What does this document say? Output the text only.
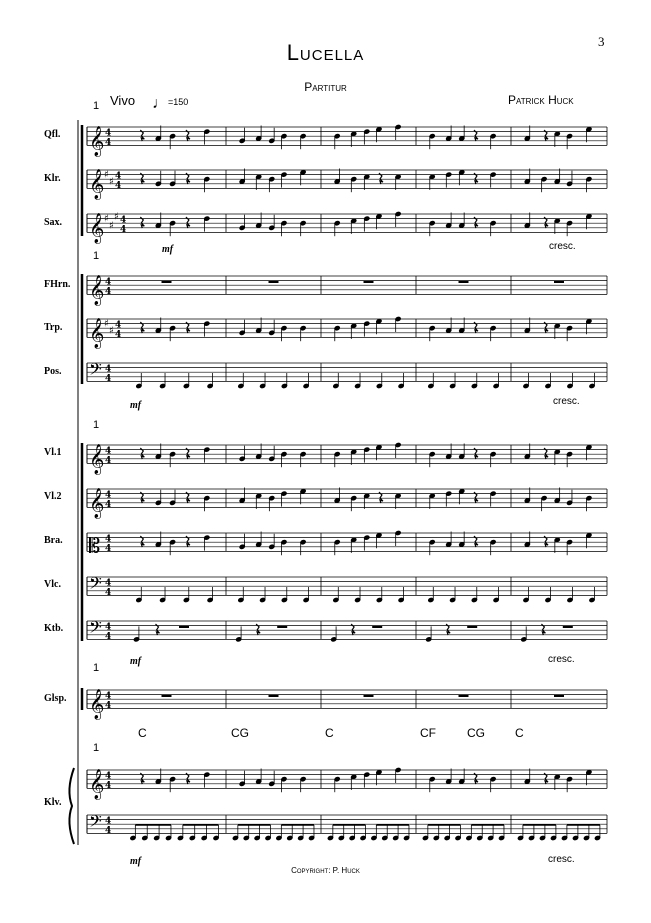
3
Lucella
Partitur
Patrick Huck
Vivo ♩=150
1
1
1
1
1
Qfl.
Klr.
Sax.
FHrn.
Trp.
Pos.
Vl.1
Vl.2
Bra.
Vlc.
Ktb.
Glsp.
Klv.
mf	cresc.
mf	cresc.
mf	cresc.
mf	cresc.
C	CG	C	CF	CG	C
Copyright: P. Huck
𝄞 4
4
𝄞 ♯
♯ 4
4
𝄞 ♯
♯
♯ 4
4
𝄞 4
4
𝄞 ♯
♯ 4
4
𝄢 4
4
𝄞 4
4
𝄞 4
4
𝄡 4
4
𝄢 4
4
𝄢 4
4
𝄞 4
4
𝄞 4
4
𝄢 4
4
